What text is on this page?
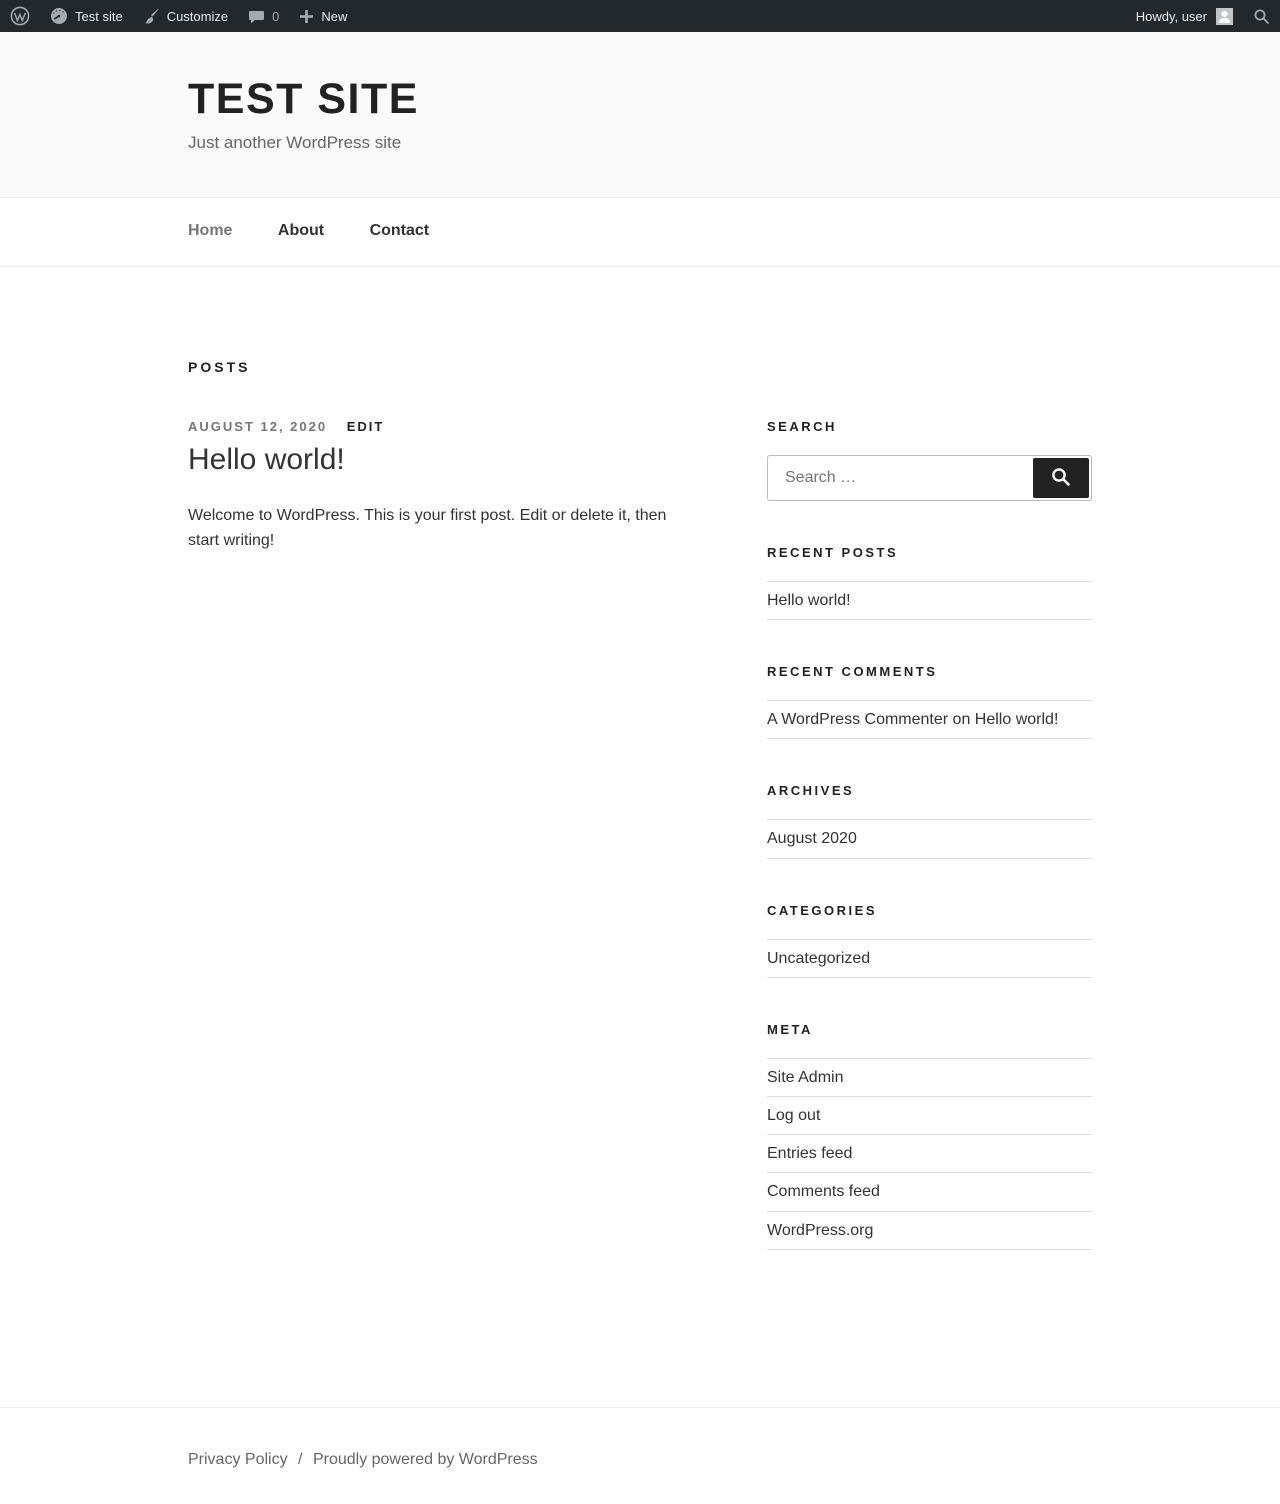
Test site	Customize	0	New	Howdy, user
TEST SITE

Just another WordPress site

Home	About	Contact
POSTS
AUGUST 12, 2020 EDIT
Hello world!

Welcome to WordPress. This is your first post. Edit or delete it, then start writing!

SEARCH
Search …
RECENT POSTS
Hello world!
RECENT COMMENTS
A WordPress Commenter on Hello world!
ARCHIVES
August 2020
CATEGORIES
Uncategorized
META
Site Admin
Log out
Entries feed
Comments feed
WordPress.org
Privacy Policy / Proudly powered by WordPress
